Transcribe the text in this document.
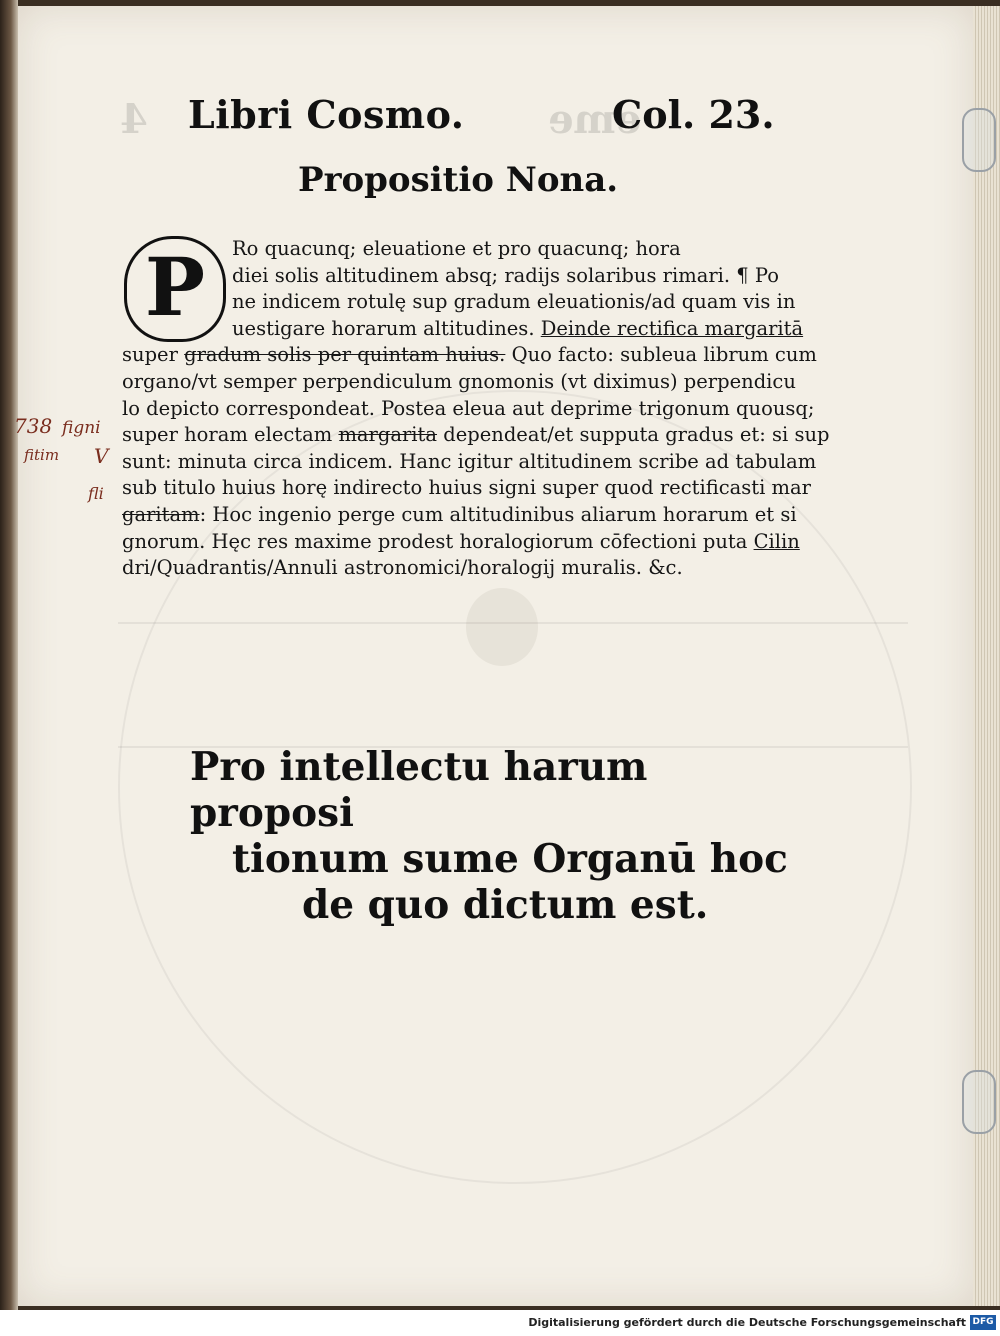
4	eme
Libri Cosmo.	Col. 23.
Propositio Nona.
Ro quacunq; eleuatione et pro quacunq; hora
diei solis altitudinem absq; radijs solaribus rimari. ¶ Po
ne indicem rotulę sup gradum eleuationis/ad quam vis in
uestigare horarum altitudines. Deinde rectifica margaritā
super gradum solis per quintam huius. Quo facto: subleua librum cum
organo/vt semper perpendiculum gnomonis (vt diximus) perpendicu
lo depicto correspondeat. Postea eleua aut deprime trigonum quousq;
super horam electam margarita dependeat/et supputa gradus et: si sup
sunt: minuta circa indicem. Hanc igitur altitudinem scribe ad tabulam
sub titulo huius horę indirecto huius signi super quod rectificasti mar
garitam: Hoc ingenio perge cum altitudinibus aliarum horarum et si
gnorum. Hęc res maxime prodest horalogiorum cōfectioni puta Cilin
dri/Quadrantis/Annuli astronomici/horalogij muralis. &c.
P
738 figni
fitim V
fli
Pro intellectu harum proposi
tionum sume Organū hoc
de quo dictum est.
Digitalisierung gefördert durch die Deutsche Forschungsgemeinschaft DFG
